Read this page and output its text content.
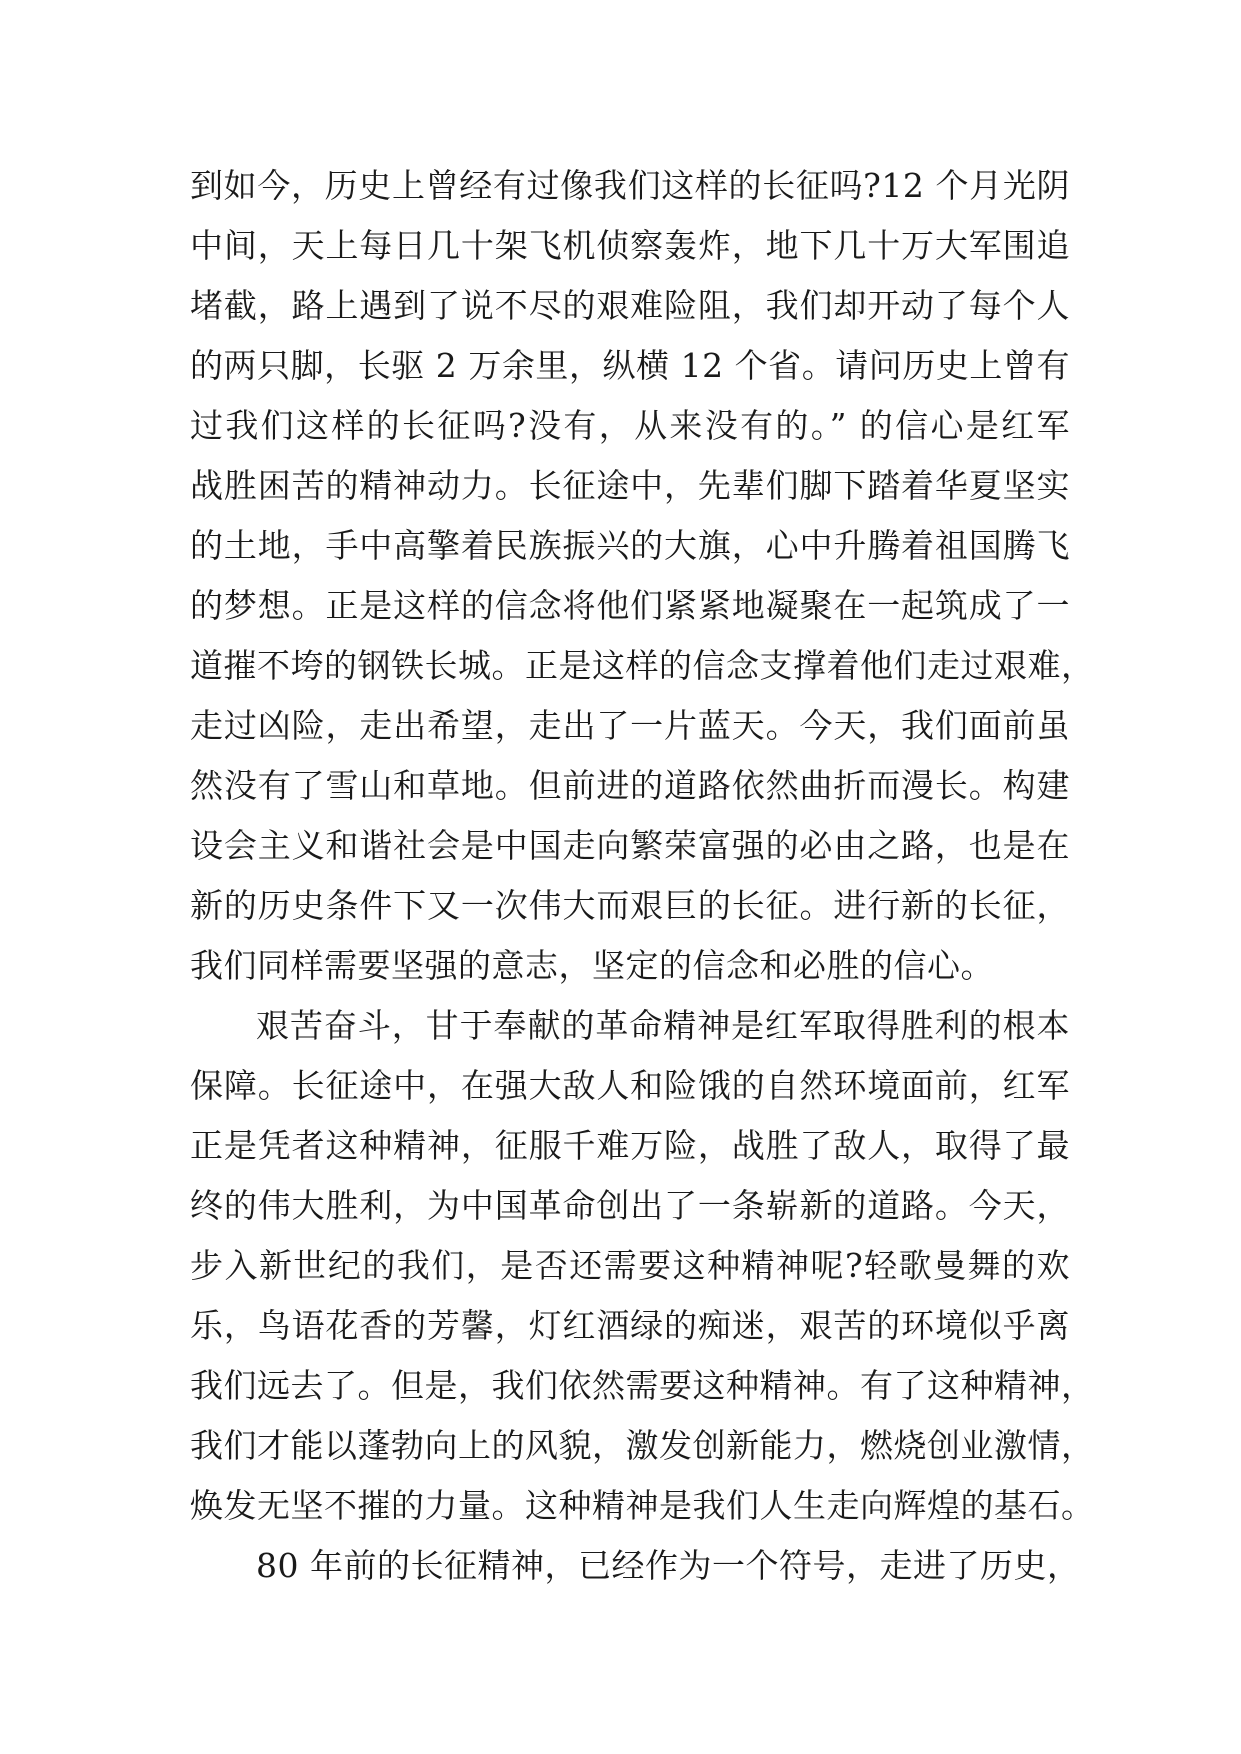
到如今，历史上曾经有过像我们这样的长征吗?12 个月光阴
中间，天上每日几十架飞机侦察轰炸，地下几十万大军围追
堵截，路上遇到了说不尽的艰难险阻，我们却开动了每个人
的两只脚，长驱 2 万余里，纵横 12 个省。请问历史上曾有
过我们这样的长征吗?没有，从来没有的。” 的信心是红军
战胜困苦的精神动力。长征途中，先辈们脚下踏着华夏坚实
的土地，手中高擎着民族振兴的大旗，心中升腾着祖国腾飞
的梦想。正是这样的信念将他们紧紧地凝聚在一起筑成了一
道摧不垮的钢铁长城。正是这样的信念支撑着他们走过艰难，
走过凶险，走出希望，走出了一片蓝天。今天，我们面前虽
然没有了雪山和草地。但前进的道路依然曲折而漫长。构建
设会主义和谐社会是中国走向繁荣富强的必由之路，也是在
新的历史条件下又一次伟大而艰巨的长征。进行新的长征，
我们同样需要坚强的意志，坚定的信念和必胜的信心。
艰苦奋斗，甘于奉献的革命精神是红军取得胜利的根本
保障。长征途中，在强大敌人和险饿的自然环境面前，红军
正是凭者这种精神，征服千难万险，战胜了敌人，取得了最
终的伟大胜利，为中国革命创出了一条崭新的道路。今天，
步入新世纪的我们，是否还需要这种精神呢?轻歌曼舞的欢
乐，鸟语花香的芳馨，灯红酒绿的痴迷，艰苦的环境似乎离
我们远去了。但是，我们依然需要这种精神。有了这种精神，
我们才能以蓬勃向上的风貌，激发创新能力，燃烧创业激情，
焕发无坚不摧的力量。这种精神是我们人生走向辉煌的基石。
80 年前的长征精神，已经作为一个符号，走进了历史，
